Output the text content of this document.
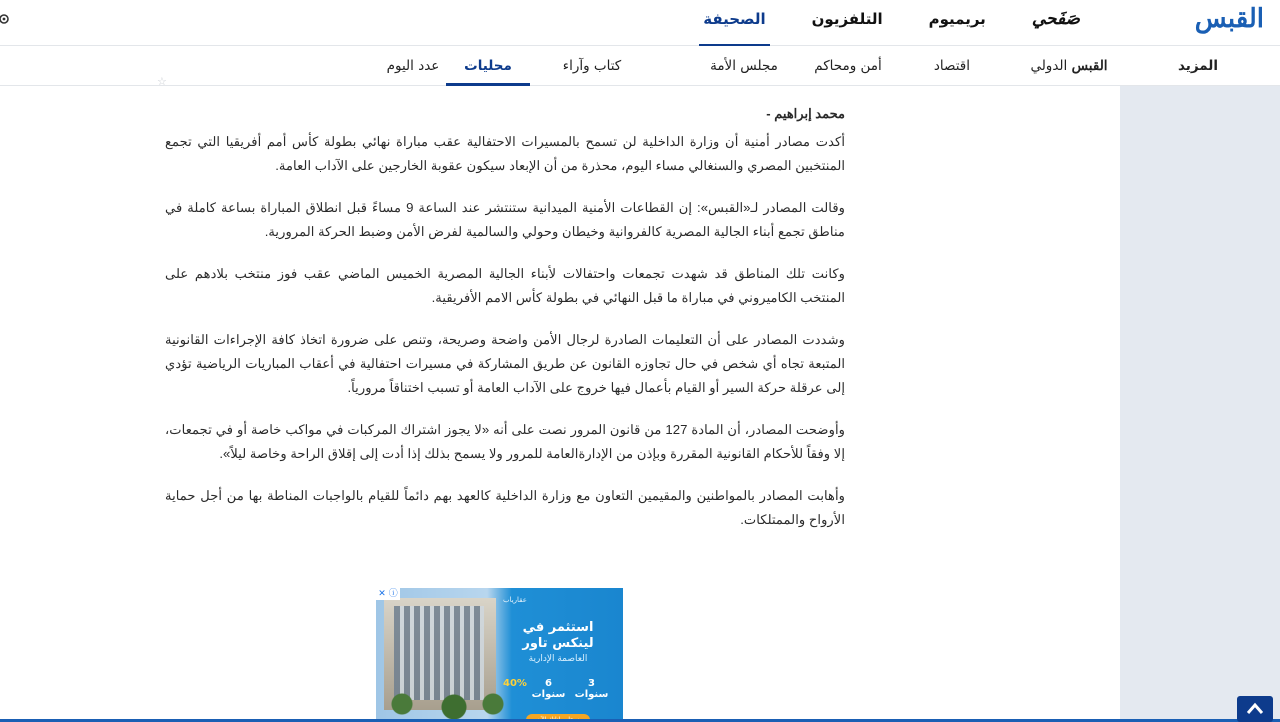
الصحيفة	التلفزيون	بريميوم	صَفَحي	القبس
عدد اليوم	محليات	كتاب وآراء	مجلس الأمة	أمن ومحاكم	اقتصاد	القبس الدولي	المزيد
☆
محمد إبراهيم -

أكدت مصادر أمنية أن وزارة الداخلية لن تسمح بالمسيرات الاحتفالية عقب مباراة نهائي بطولة كأس أمم أفريقيا التي تجمع المنتخبين المصري والسنغالي مساء اليوم، محذرة من أن الإبعاد سيكون عقوبة الخارجين على الآداب العامة.

وقالت المصادر لـ«القبس»: إن القطاعات الأمنية الميدانية ستنتشر عند الساعة 9 مساءً قبل انطلاق المباراة بساعة كاملة في مناطق تجمع أبناء الجالية المصرية كالفروانية وخيطان وحولي والسالمية لفرض الأمن وضبط الحركة المرورية.

وكانت تلك المناطق قد شهدت تجمعات واحتفالات لأبناء الجالية المصرية الخميس الماضي عقب فوز منتخب بلادهم على المنتخب الكاميروني في مباراة ما قبل النهائي في بطولة كأس الامم الأفريقية.

وشددت المصادر على أن التعليمات الصادرة لرجال الأمن واضحة وصريحة، وتنص على ضرورة اتخاذ كافة الإجراءات القانونية المتبعة تجاه أي شخص في حال تجاوزه القانون عن طريق المشاركة في مسيرات احتفالية في أعقاب المباريات الرياضية تؤدي إلى عرقلة حركة السير أو القيام بأعمال فيها خروج على الآداب العامة أو تسبب اختناقاً مرورياً.

وأوضحت المصادر، أن المادة 127 من قانون المرور نصت على أنه «لا يجوز اشتراك المركبات في مواكب خاصة أو في تجمعات، إلا وفقاً للأحكام القانونية المقررة وبإذن من الإدارةالعامة للمرور ولا يسمح بذلك إذا أدت إلى إقلاق الراحة وخاصة ليلاً».

وأهابت المصادر بالمواطنين والمقيمين التعاون مع وزارة الداخلية كالعهد بهم دائماً للقيام بالواجبات المناطة بها من أجل حماية الأرواح والممتلكات.

✕ ⓘ
عقارياب
استثمر في لينكس تاور
العاصمة الإدارية
3 سنوات
6 سنوات
40%
